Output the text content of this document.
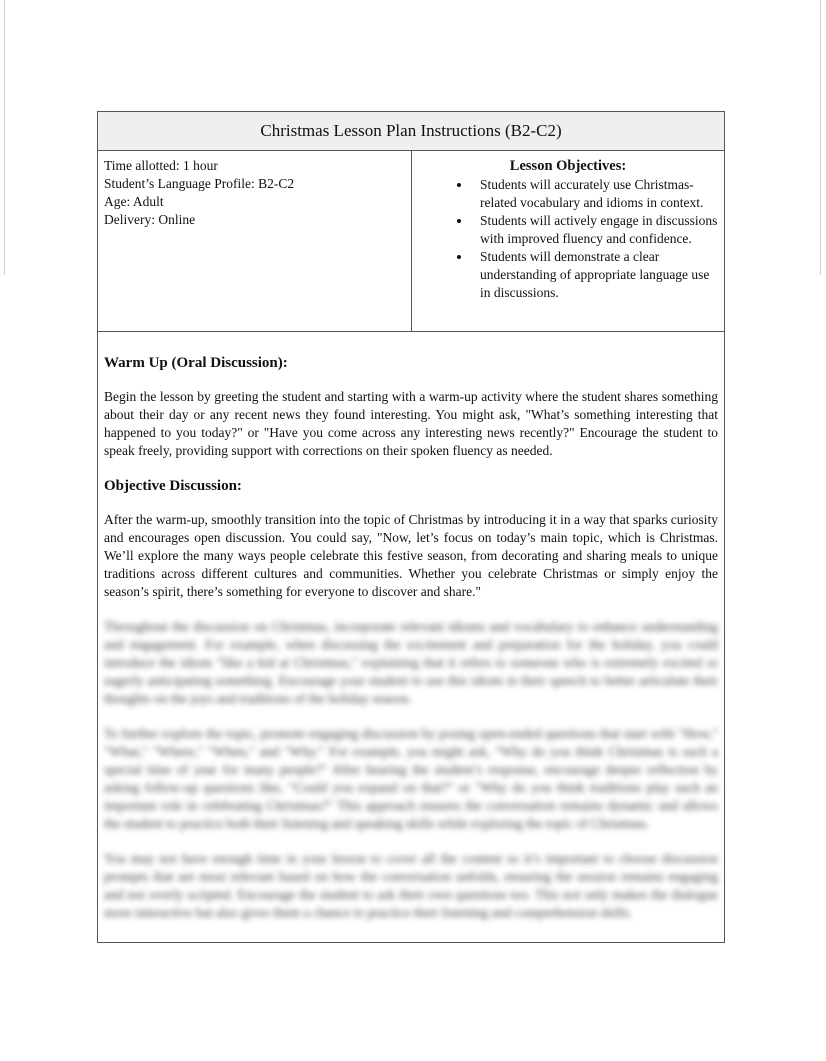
Christmas Lesson Plan Instructions (B2-C2)
Time allotted: 1 hour
Student’s Language Profile: B2-C2
Age: Adult
Delivery: Online
Lesson Objectives:
• Students will accurately use Christmas-related vocabulary and idioms in context.
• Students will actively engage in discussions with improved fluency and confidence.
• Students will demonstrate a clear understanding of appropriate language use in discussions.
Warm Up (Oral Discussion):

Begin the lesson by greeting the student and starting with a warm-up activity where the student shares something about their day or any recent news they found interesting. You might ask, "What’s something interesting that happened to you today?" or "Have you come across any interesting news recently?" Encourage the student to speak freely, providing support with corrections on their spoken fluency as needed.

Objective Discussion:

After the warm-up, smoothly transition into the topic of Christmas by introducing it in a way that sparks curiosity and encourages open discussion. You could say, "Now, let’s focus on today’s main topic, which is Christmas. We’ll explore the many ways people celebrate this festive season, from decorating and sharing meals to unique traditions across different cultures and communities. Whether you celebrate Christmas or simply enjoy the season’s spirit, there’s something for everyone to discover and share."

Throughout the discussion on Christmas, incorporate relevant idioms and vocabulary to enhance understanding and engagement. For example, when discussing the excitement and preparation for the holiday, you could introduce the idiom "like a kid at Christmas," explaining that it refers to someone who is extremely excited or eagerly anticipating something. Encourage your student to use this idiom in their speech to better articulate their thoughts on the joys and traditions of the holiday season.

To further explore the topic, promote engaging discussion by posing open-ended questions that start with "How," "What," "Where," "When," and "Why." For example, you might ask, "Why do you think Christmas is such a special time of year for many people?" After hearing the student’s response, encourage deeper reflection by asking follow-up questions like, "Could you expand on that?" or "Why do you think traditions play such an important role in celebrating Christmas?" This approach ensures the conversation remains dynamic and allows the student to practice both their listening and speaking skills while exploring the topic of Christmas.

You may not have enough time in your lesson to cover all the content so it’s important to choose discussion prompts that are most relevant based on how the conversation unfolds, ensuring the session remains engaging and not overly scripted. Encourage the student to ask their own questions too. This not only makes the dialogue more interactive but also gives them a chance to practice their listening and comprehension skills.
